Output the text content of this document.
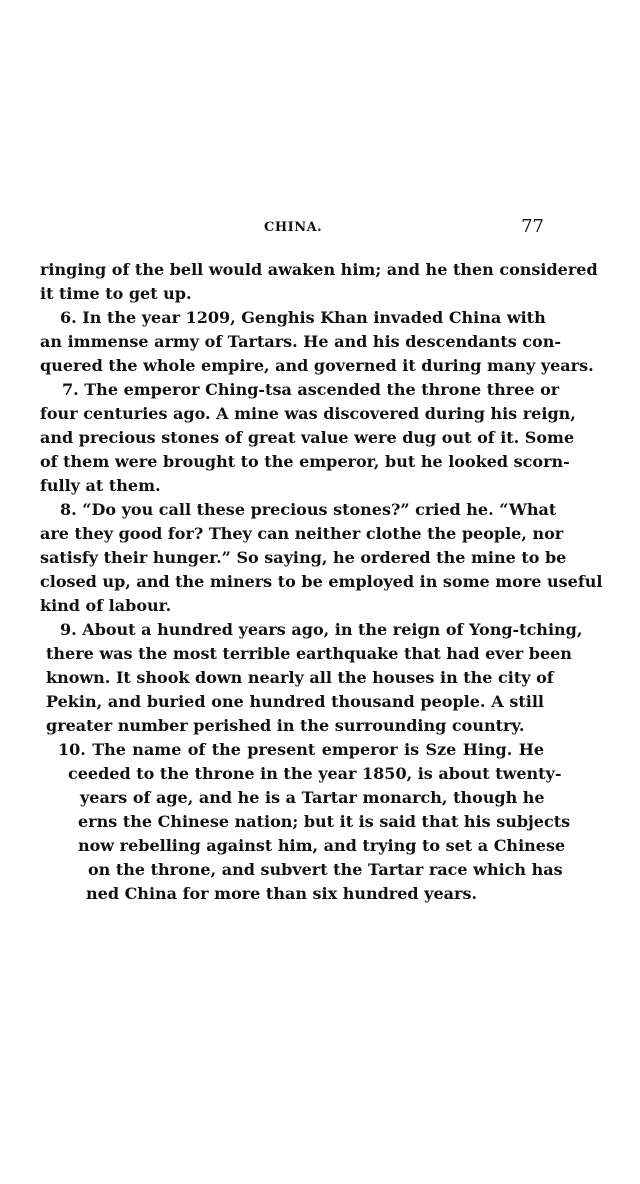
CHINA.	77
ringing of the bell would awaken him; and he then considered
it time to get up.
6. In the year 1209, Genghis Khan invaded China with
an immense army of Tartars. He and his descendants con-
quered the whole empire, and governed it during many years.
7. The emperor Ching-tsa ascended the throne three or
four centuries ago. A mine was discovered during his reign,
and precious stones of great value were dug out of it. Some
of them were brought to the emperor, but he looked scorn-
fully at them.
8. “Do you call these precious stones?” cried he. “What
are they good for? They can neither clothe the people, nor
satisfy their hunger.” So saying, he ordered the mine to be
closed up, and the miners to be employed in some more useful
kind of labour.
9. About a hundred years ago, in the reign of Yong-tching,
there was the most terrible earthquake that had ever been
known. It shook down nearly all the houses in the city of
Pekin, and buried one hundred thousand people. A still
greater number perished in the surrounding country.
10. The name of the present emperor is Sze Hing. He
ceeded to the throne in the year 1850, is about twenty-
years of age, and he is a Tartar monarch, though he
erns the Chinese nation; but it is said that his subjects
now rebelling against him, and trying to set a Chinese
on the throne, and subvert the Tartar race which has
ned China for more than six hundred years.
